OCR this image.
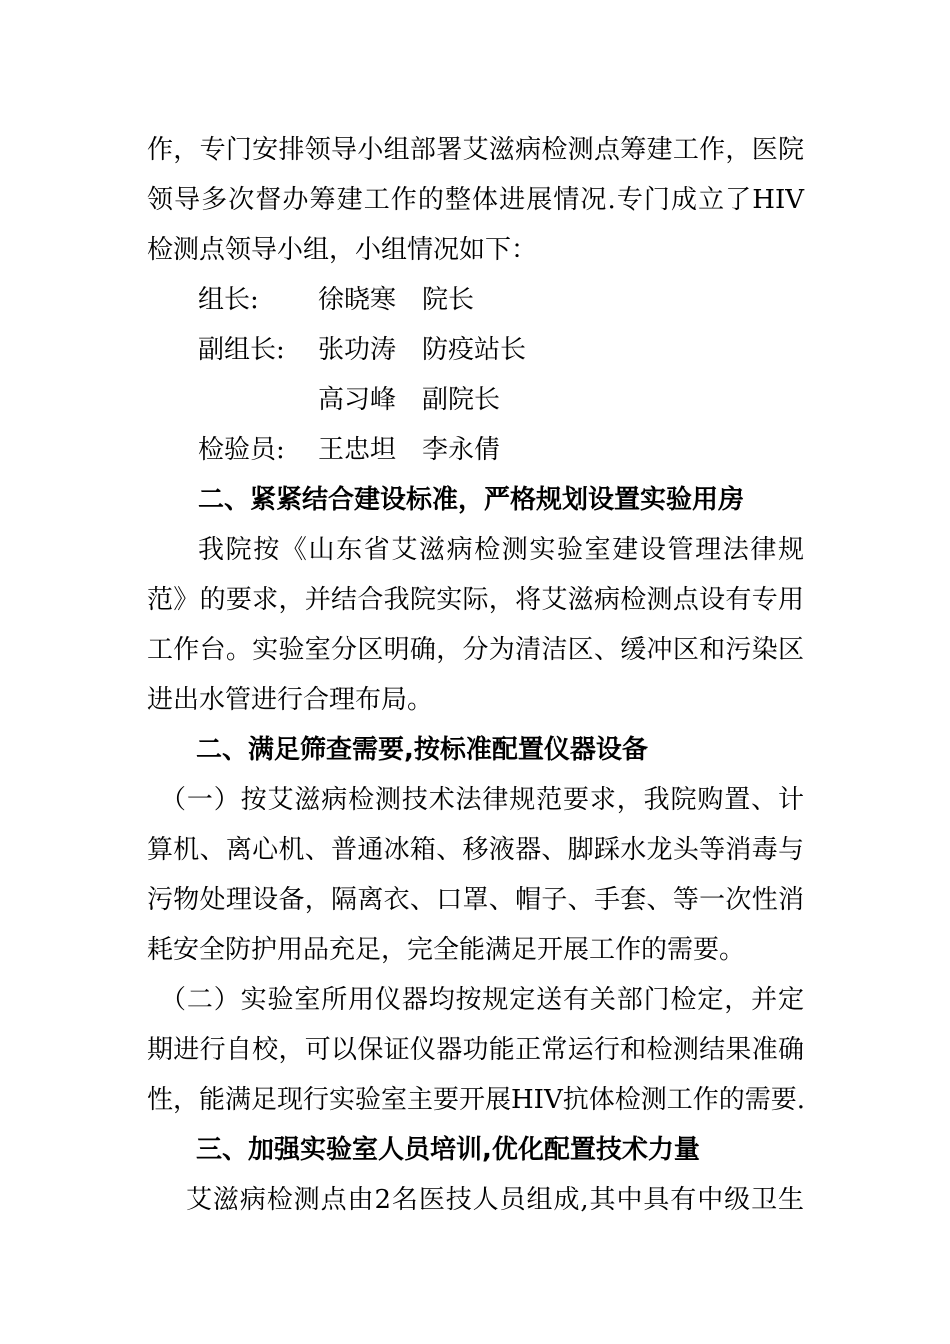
作，专门安排领导小组部署艾滋病检测点筹建工作，医院
领导多次督办筹建工作的整体进展情况.专门成立了HIV
检测点领导小组，小组情况如下：
组长: 徐晓寒 院长
副组长: 张功涛 防疫站长
高习峰 副院长
检验员: 王忠坦 李永倩
二、紧紧结合建设标准，严格规划设置实验用房
我院按《山东省艾滋病检测实验室建设管理法律规
范》的要求，并结合我院实际，将艾滋病检测点设有专用
工作台。实验室分区明确，分为清洁区、缓冲区和污染区
进出水管进行合理布局。
二、满足筛查需要,按标准配置仪器设备
（一）按艾滋病检测技术法律规范要求，我院购置、计
算机、离心机、普通冰箱、移液器、脚踩水龙头等消毒与
污物处理设备，隔离衣、口罩、帽子、手套、等一次性消
耗安全防护用品充足，完全能满足开展工作的需要。
（二）实验室所用仪器均按规定送有关部门检定，并定
期进行自校，可以保证仪器功能正常运行和检测结果准确
性，能满足现行实验室主要开展HIV抗体检测工作的需要.
三、加强实验室人员培训,优化配置技术力量
艾滋病检测点由2名医技人员组成,其中具有中级卫生
